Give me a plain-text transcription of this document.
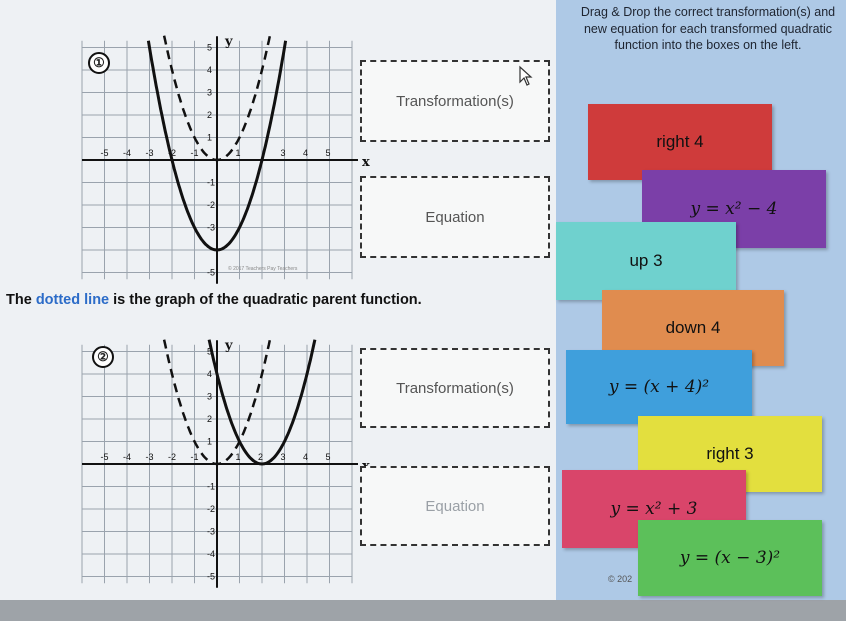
Drag & Drop the correct transformation(s) and new equation for each transformed quadratic function into the boxes on the left.
x
y
-5 -4 -3 -2 -1	1	3 4 5
5
4
3
2
1
-1
-2
-3
-5
①
y
-5 -4 -3 -2 -1	1 2 3 4 5
5
4
3
2
1
-1
-2
-3
-4
-5
②
© 2017 Teachers Pay Teachers
Transformation(s)
Equation
The dotted line is the graph of the quadratic parent function.
Transformation(s)
Equation
right 4
y = x² − 4
up 3
down 4
y = (x + 4)²
right 3
y = x² + 3
y = (x − 3)²
© 202
